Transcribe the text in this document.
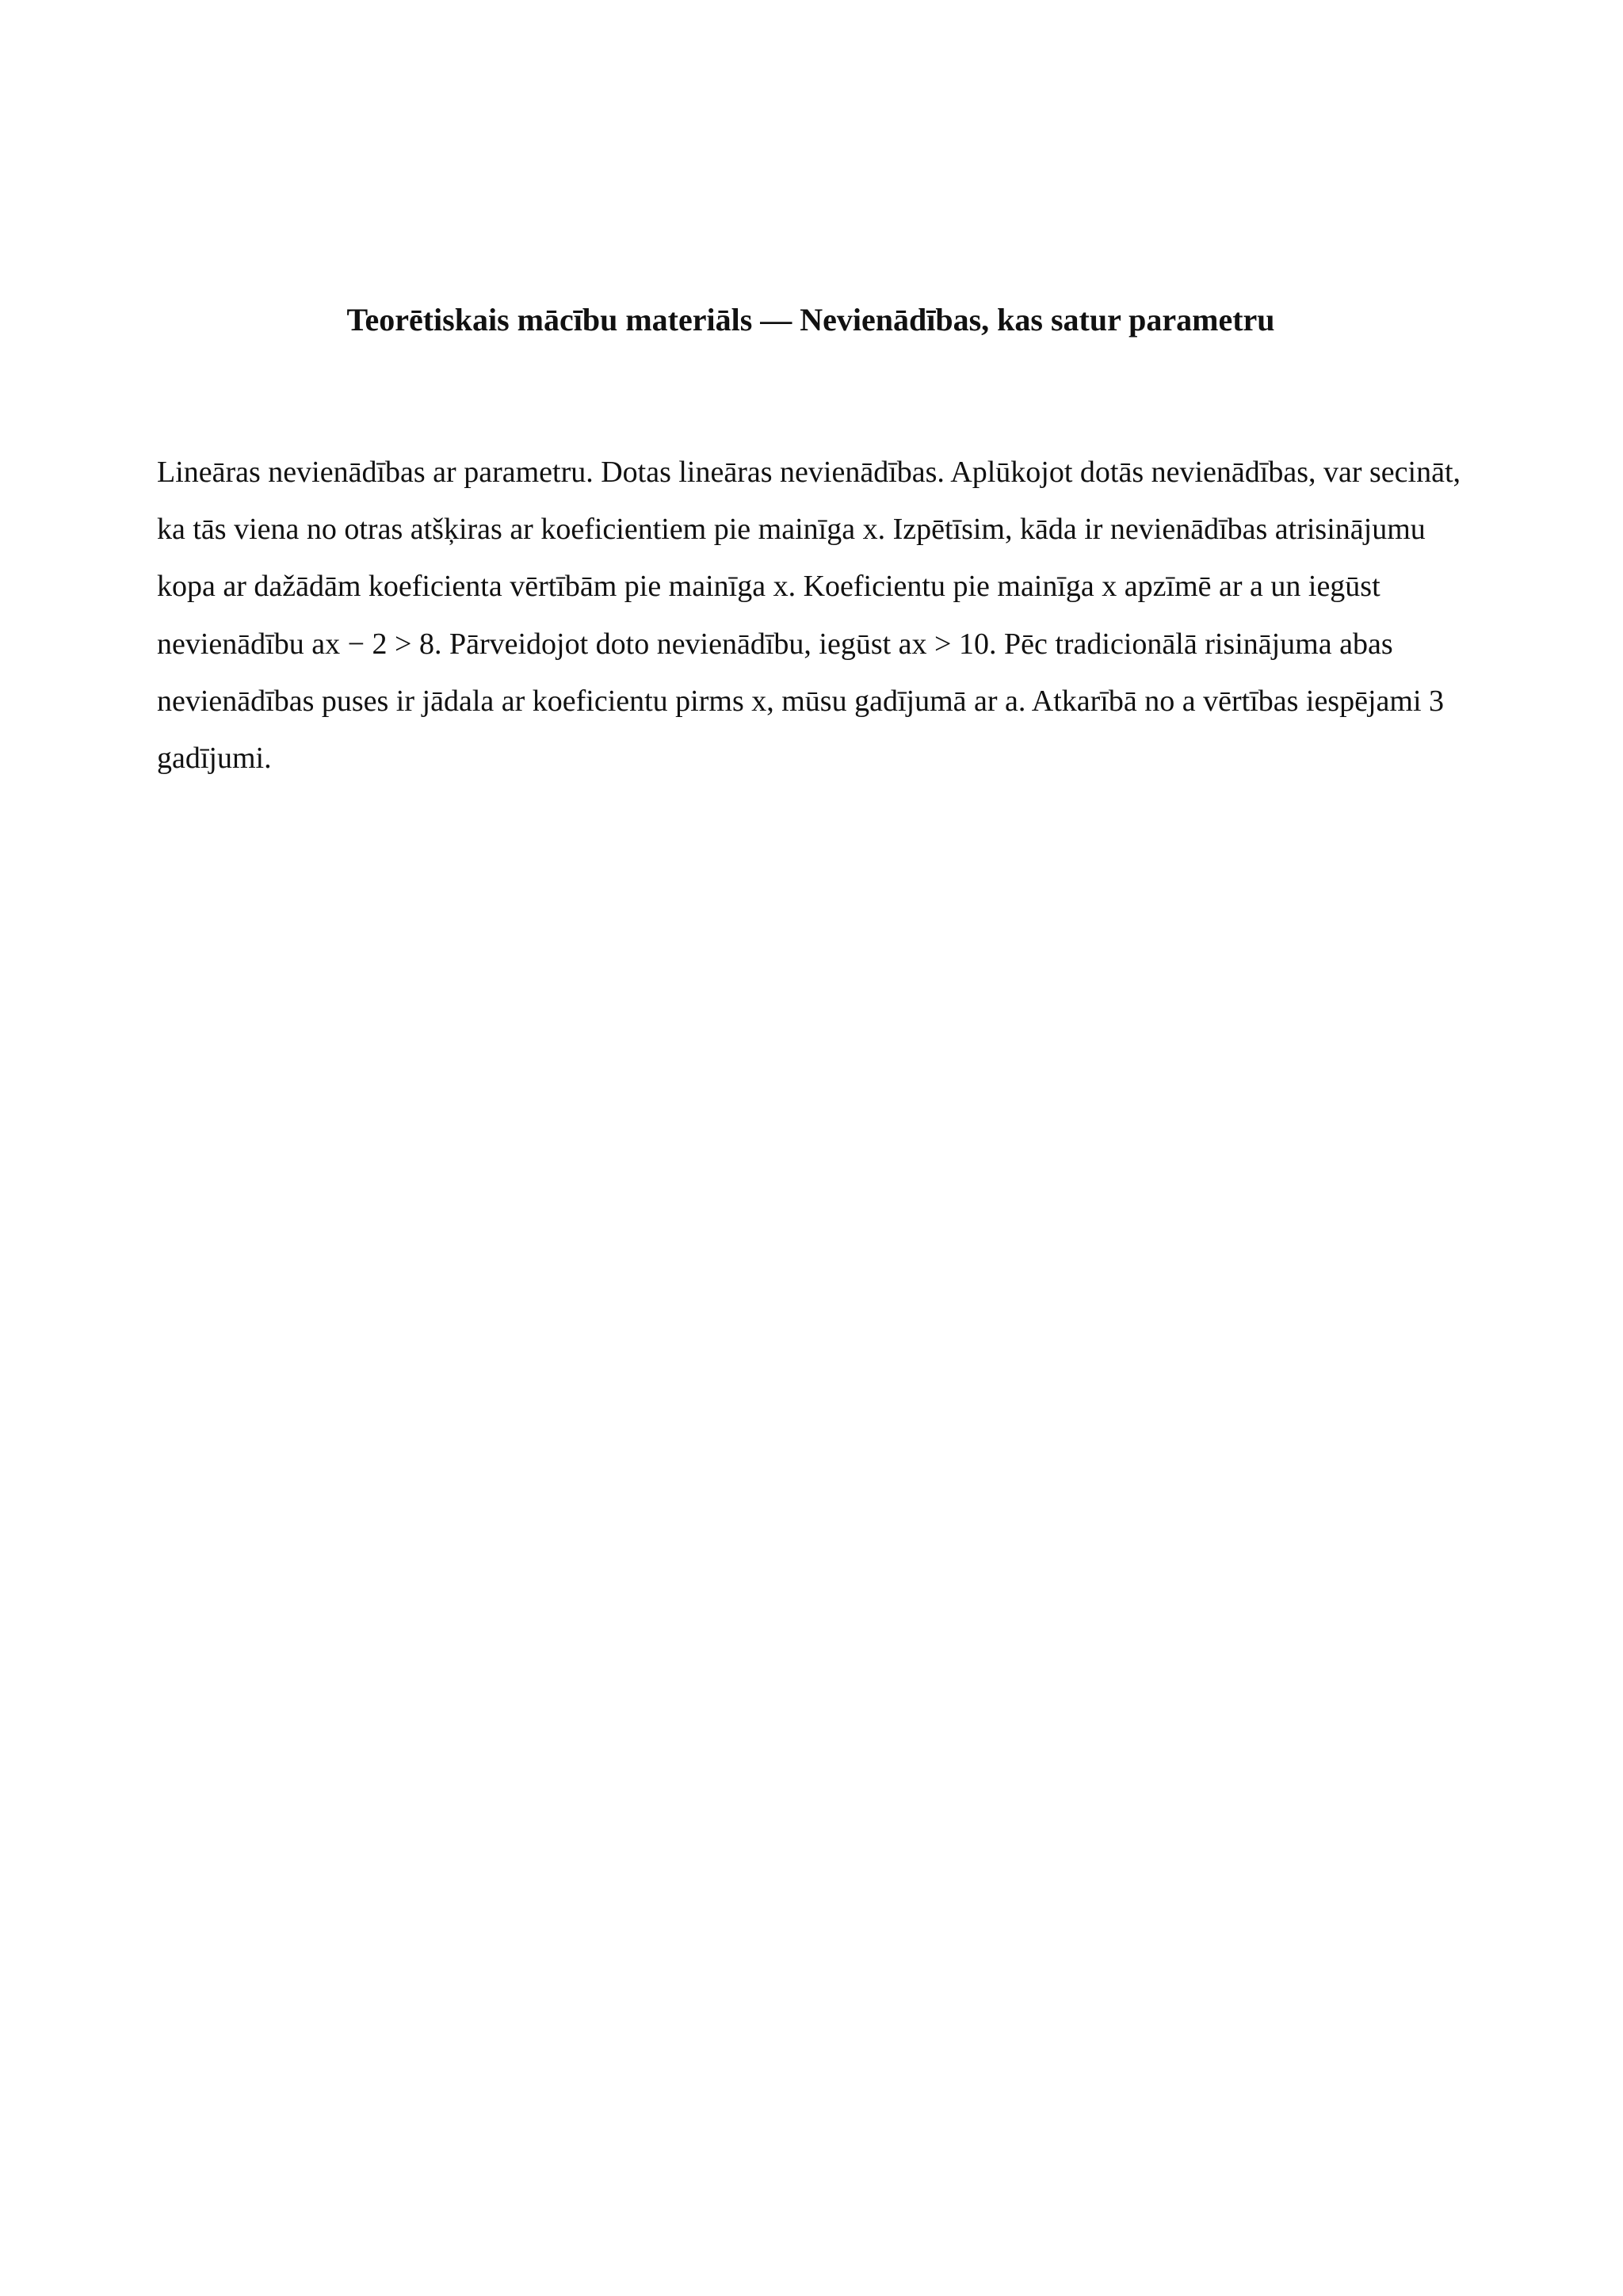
Teorētiskais mācību materiāls — Nevienādības, kas satur parametru
Lineāras nevienādības ar parametru. Dotas lineāras nevienādības. Aplūkojot dotās nevienādības, var secināt, ka tās viena no otras atšķiras ar koeficientiem pie mainīga x. Izpētīsim, kāda ir nevienādības atrisinājumu kopa ar dažādām koeficienta vērtībām pie mainīga x. Koeficientu pie mainīga x apzīmē ar a un iegūst nevienādību ax − 2 > 8. Pārveidojot doto nevienādību, iegūst ax > 10. Pēc tradicionālā risinājuma abas nevienādības puses ir jādala ar koeficientu pirms x, mūsu gadījumā ar a. Atkarībā no a vērtības iespējami 3 gadījumi.
